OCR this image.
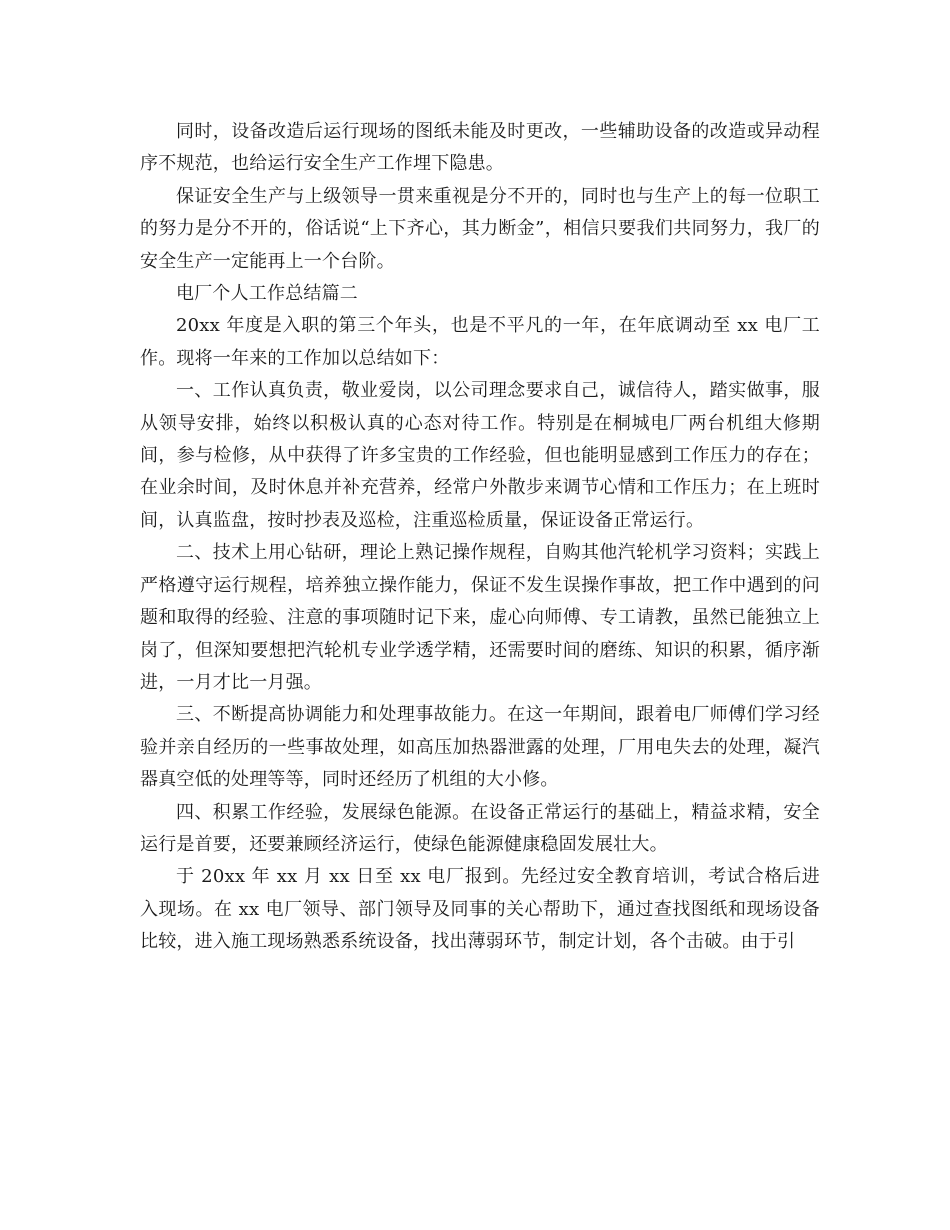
同时，设备改造后运行现场的图纸未能及时更改，一些辅助设备的改造或异动程序不规范，也给运行安全生产工作埋下隐患。

保证安全生产与上级领导一贯来重视是分不开的，同时也与生产上的每一位职工的努力是分不开的，俗话说“上下齐心，其力断金”，相信只要我们共同努力，我厂的安全生产一定能再上一个台阶。

电厂个人工作总结篇二

20xx 年度是入职的第三个年头，也是不平凡的一年，在年底调动至 xx 电厂工作。现将一年来的工作加以总结如下：

一、工作认真负责，敬业爱岗，以公司理念要求自己，诚信待人，踏实做事，服从领导安排，始终以积极认真的心态对待工作。特别是在桐城电厂两台机组大修期间，参与检修，从中获得了许多宝贵的工作经验，但也能明显感到工作压力的存在；在业余时间，及时休息并补充营养，经常户外散步来调节心情和工作压力；在上班时间，认真监盘，按时抄表及巡检，注重巡检质量，保证设备正常运行。

二、技术上用心钻研，理论上熟记操作规程，自购其他汽轮机学习资料；实践上严格遵守运行规程，培养独立操作能力，保证不发生误操作事故，把工作中遇到的问题和取得的经验、注意的事项随时记下来，虚心向师傅、专工请教，虽然已能独立上岗了，但深知要想把汽轮机专业学透学精，还需要时间的磨练、知识的积累，循序渐进，一月才比一月强。

三、不断提高协调能力和处理事故能力。在这一年期间，跟着电厂师傅们学习经验并亲自经历的一些事故处理，如高压加热器泄露的处理，厂用电失去的处理，凝汽器真空低的处理等等，同时还经历了机组的大小修。

四、积累工作经验，发展绿色能源。在设备正常运行的基础上，精益求精，安全运行是首要，还要兼顾经济运行，使绿色能源健康稳固发展壮大。

于 20xx 年 xx 月 xx 日至 xx 电厂报到。先经过安全教育培训，考试合格后进入现场。在 xx 电厂领导、部门领导及同事的关心帮助下，通过查找图纸和现场设备比较，进入施工现场熟悉系统设备，找出薄弱环节，制定计划，各个击破。由于引
